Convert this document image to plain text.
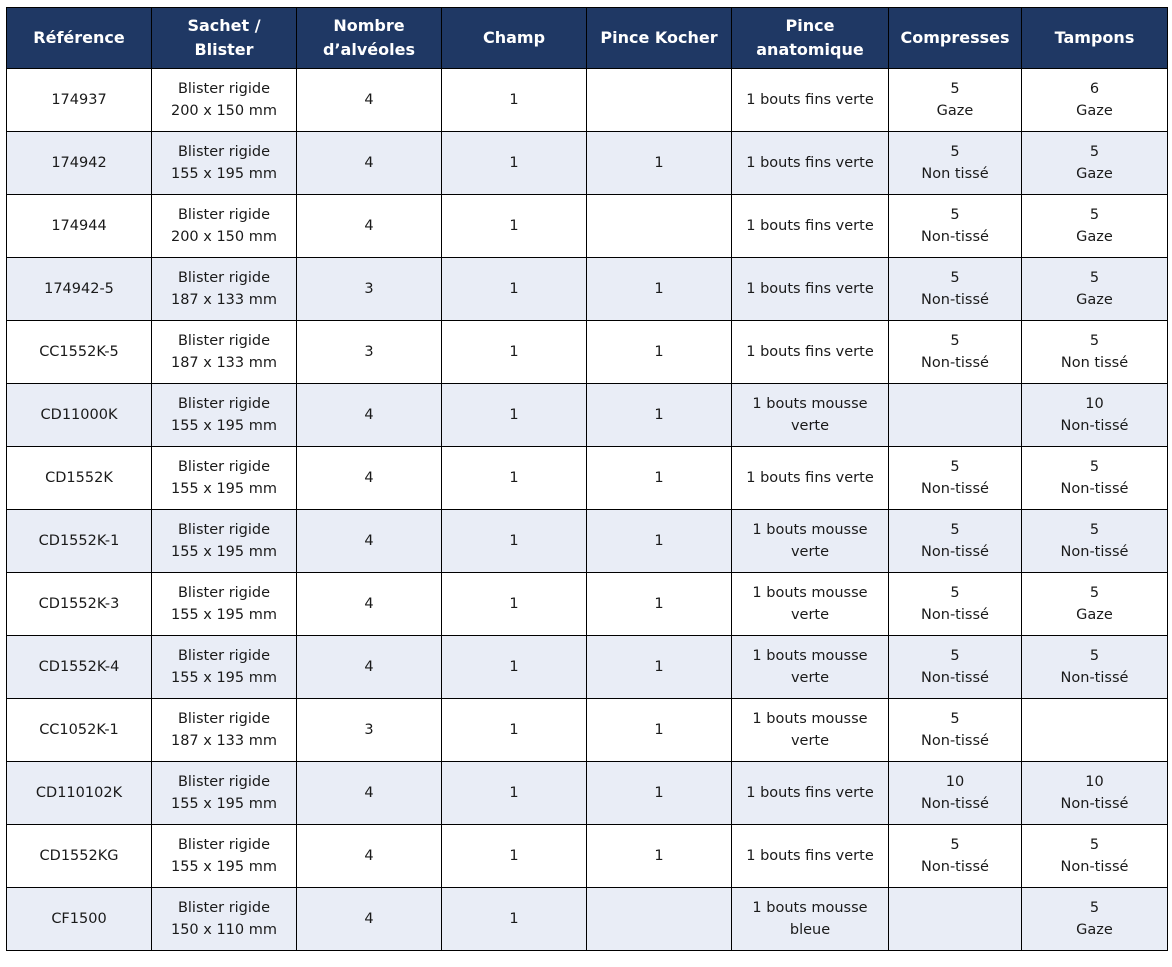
Référence	Sachet /
Blister	Nombre
d’alvéoles	Champ	Pince Kocher	Pince
anatomique	Compresses	Tampons

174937	Blister rigide
200 x 150 mm	4	1		1 bouts fins verte	5
Gaze	6
Gaze

174942	Blister rigide
155 x 195 mm	4	1	1	1 bouts fins verte	5
Non tissé	5
Gaze

174944	Blister rigide
200 x 150 mm	4	1		1 bouts fins verte	5
Non-tissé	5
Gaze

174942-5	Blister rigide
187 x 133 mm	3	1	1	1 bouts fins verte	5
Non-tissé	5
Gaze

CC1552K-5	Blister rigide
187 x 133 mm	3	1	1	1 bouts fins verte	5
Non-tissé	5
Non tissé

CD11000K	Blister rigide
155 x 195 mm	4	1	1	1 bouts mousse
verte		10
Non-tissé

CD1552K	Blister rigide
155 x 195 mm	4	1	1	1 bouts fins verte	5
Non-tissé	5
Non-tissé

CD1552K-1	Blister rigide
155 x 195 mm	4	1	1	1 bouts mousse
verte	5
Non-tissé	5
Non-tissé

CD1552K-3	Blister rigide
155 x 195 mm	4	1	1	1 bouts mousse
verte	5
Non-tissé	5
Gaze

CD1552K-4	Blister rigide
155 x 195 mm	4	1	1	1 bouts mousse
verte	5
Non-tissé	5
Non-tissé

CC1052K-1	Blister rigide
187 x 133 mm	3	1	1	1 bouts mousse
verte	5
Non-tissé	

CD110102K	Blister rigide
155 x 195 mm	4	1	1	1 bouts fins verte	10
Non-tissé	10
Non-tissé

CD1552KG	Blister rigide
155 x 195 mm	4	1	1	1 bouts fins verte	5
Non-tissé	5
Non-tissé

CF1500	Blister rigide
150 x 110 mm	4	1		1 bouts mousse
bleue		5
Gaze
